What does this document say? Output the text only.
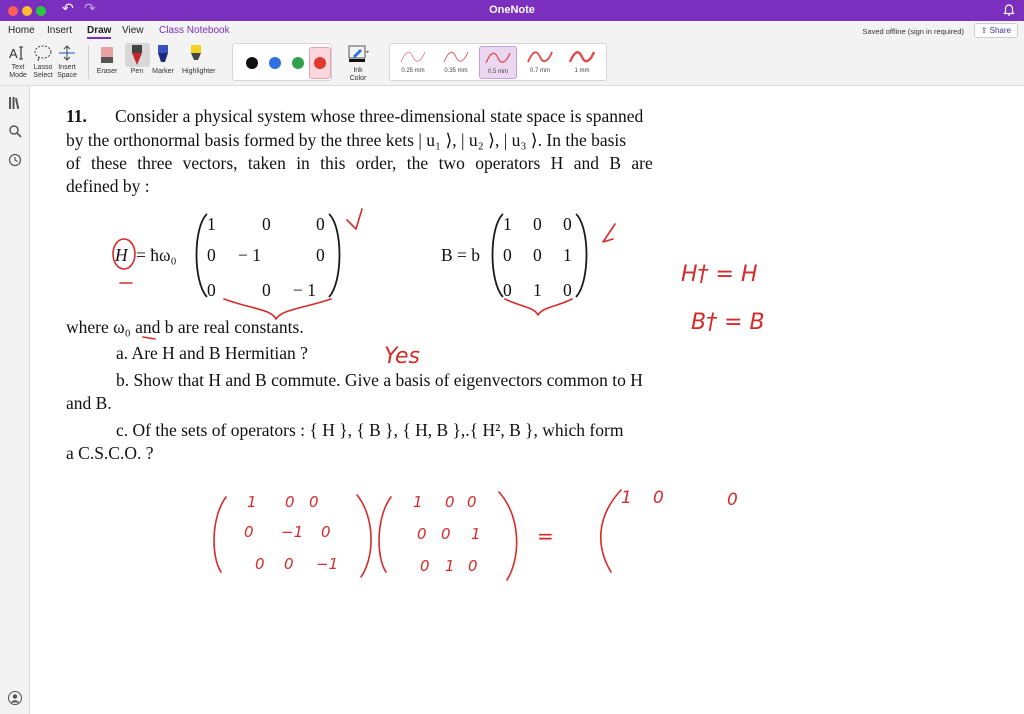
↶ ↷	OneNote
Home Insert Draw View Class Notebook	Saved offline (sign in required)	⇪ Share
A
Text
Mode
Lasso
Select
Insert
Space
Eraser	Pen	Marker	Highlighter	Ink
Color
0.25 mm	0.35 mm	0.5 mm	0.7 mm	1 mm
11. Consider a physical system whose three-dimensional state space is spanned
by the orthonormal basis formed by the three kets | u₁ ⟩, | u₂ ⟩, | u₃ ⟩. In the basis
of these three vectors, taken in this order, the two operators H and B are
defined by :
H = ħω₀
1	0	0
0 − 1	0
0	0 − 1
B = b
1 0 0
0 0 1
0 1 0
where ω₀ and b are real constants.
a. Are H and B Hermitian ?
b. Show that H and B commute. Give a basis of eigenvectors common to H
and B.
c. Of the sets of operators : { H }, { B }, { H, B },.{ H², B }, which form
a C.S.C.O. ?
Yes
H† = H
B† = B
1 0 0
0 −1 0
0 0 −1
1 0 0
0 0 1
0 1 0
=
1 0	0
